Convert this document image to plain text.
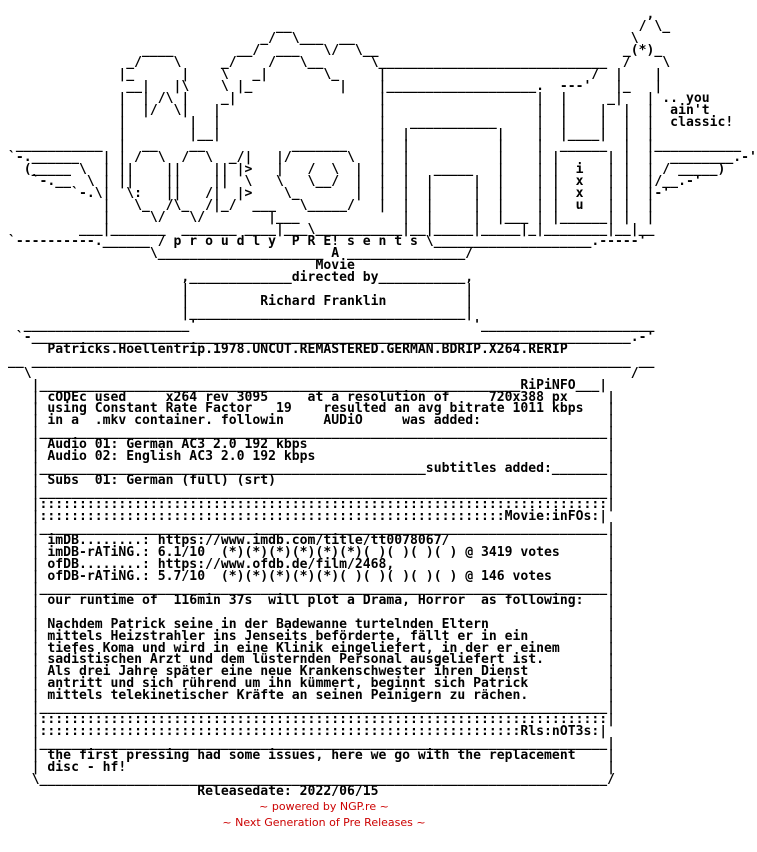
,
__                                            / \_
_/  \___  __                                   \
____        __/  ___   \/  \__                               _(*)_
_/    \     _/    /   \__      \_____________________________  /    \
|_      |    \   _|       \_     |                          /  |    |
__|   |\    \ |_           |    |___________________.  ---'   |_   |
|  | /\ |    _|                  |                   |  |     _|   | .. you
|  |/  \|   |                    |                   |  |    |  |  |  ain't
|        |  |                    |   ___________     |  |    |  |  |  classic!
|        |__|                    |  |           |    |  |____|  |  |
___________  |  __    __           _______    |  |           |    |  ______  |  |___________
`-.______   | | /  \  /  \  _/|   |/       \   |  |           |    | |      | |  |  ________.-'
(_____ \  | ||    ||    || |>   |   /  \  |  |  |   _____   |    | |  i   | |  | / _____)
`-.__  \ | ||    ||    ||  \   \   \__/  |  |  |  |     |  |    | |  x   | |  |/__.-'
`-.\|  \:   ||   /|  |>    \_       |  |  |  |     |  |    | |  x   | |  |-'
|   \_  /\_  /|_/  ___   \_____/   |  |  |     |  |    | |  u   | |  |
|     \/   \/        |___             |  |     |  |___ | |______| |  |
___|_______  _______ ____|___\___________|__|_____|_____|_|________|__|__
`----------.______ / p r o u d l y  P R E! s e n t s \____________________.-----'
\_____________________ A _______________/
Movie
,_____________directed by___________,
|                                   |
|         Richard Franklin          |
|___________________________________|
_____________________'                                   '______________________
`-____________________________________________________________________________.-'
Patricks.Hoellentrip.1978.UNCUT.REMASTERED.GERMAN.BDRIP.X264.RERIP
__ ____________________________________________________________________________ __
\                                                                            /
|_____________________________________________________________RiPiNFO___|
| cODEc used     x264 rev 3095     at a resolution of     720x388 px     |
| using Constant Rate Factor   19    resulted an avg bitrate 1011 kbps   |
| in a  .mkv container. followin     AUDiO     was added:                |
|________________________________________________________________________|
| Audio 01: German AC3 2.0 192 kbps                                      |
| Audio 02: English AC3 2.0 192 kbps                                     |
|_________________________________________________subtitles added:_______|
| Subs  01: German (full) (srt)                                          |
|________________________________________________________________________|
|::::::::::::::::::::::::::::::::::::::::::::::::::::::::::::::::::::::::|
|:::::::::::::::::::::::::::::::::::::::::::::::::::::::::::Movie:inFOs:|
|________________________________________________________________________|
| imDB........: https://www.imdb.com/title/tt0078067/                    |
| imDB-rATiNG.: 6.1/10  (*)(*)(*)(*)(*)(*)( )( )( )( ) @ 3419 votes      |
| ofDB........: https://www.ofdb.de/film/2468,                           |
| ofDB-rATiNG.: 5.7/10  (*)(*)(*)(*)(*)( )( )( )( )( ) @ 146 votes       |
|________________________________________________________________________|
| our runtime of  116min 37s  will plot a Drama, Horror  as following:   |
|                                                                        |
| Nachdem Patrick seine in der Badewanne turtelnden Eltern               |
| mittels Heizstrahler ins Jenseits beförderte, fällt er in ein          |
| tiefes Koma und wird in eine Klinik eingeliefert, in der er einem      |
| sadistischen Arzt und dem lüsternden Personal ausgeliefert ist.        |
| Als drei Jahre später eine neue Krankenschwester ihren Dienst          |
| antritt und sich rührend um ihn kümmert, beginnt sich Patrick          |
| mittels telekinetischer Kräfte an seinen Peinigern zu rächen.          |
|________________________________________________________________________|
|::::::::::::::::::::::::::::::::::::::::::::::::::::::::::::::::::::::::|
|:::::::::::::::::::::::::::::::::::::::::::::::::::::::::::::Rls:nOT3s:|
|________________________________________________________________________|
| the first pressing had some issues, here we go with the replacement    |
| disc - hf!                                                             |
\________________________________________________________________________/
Releasedate: 2022/06/15
~ powered by NGP.re ~
~ Next Generation of Pre Releases ~
